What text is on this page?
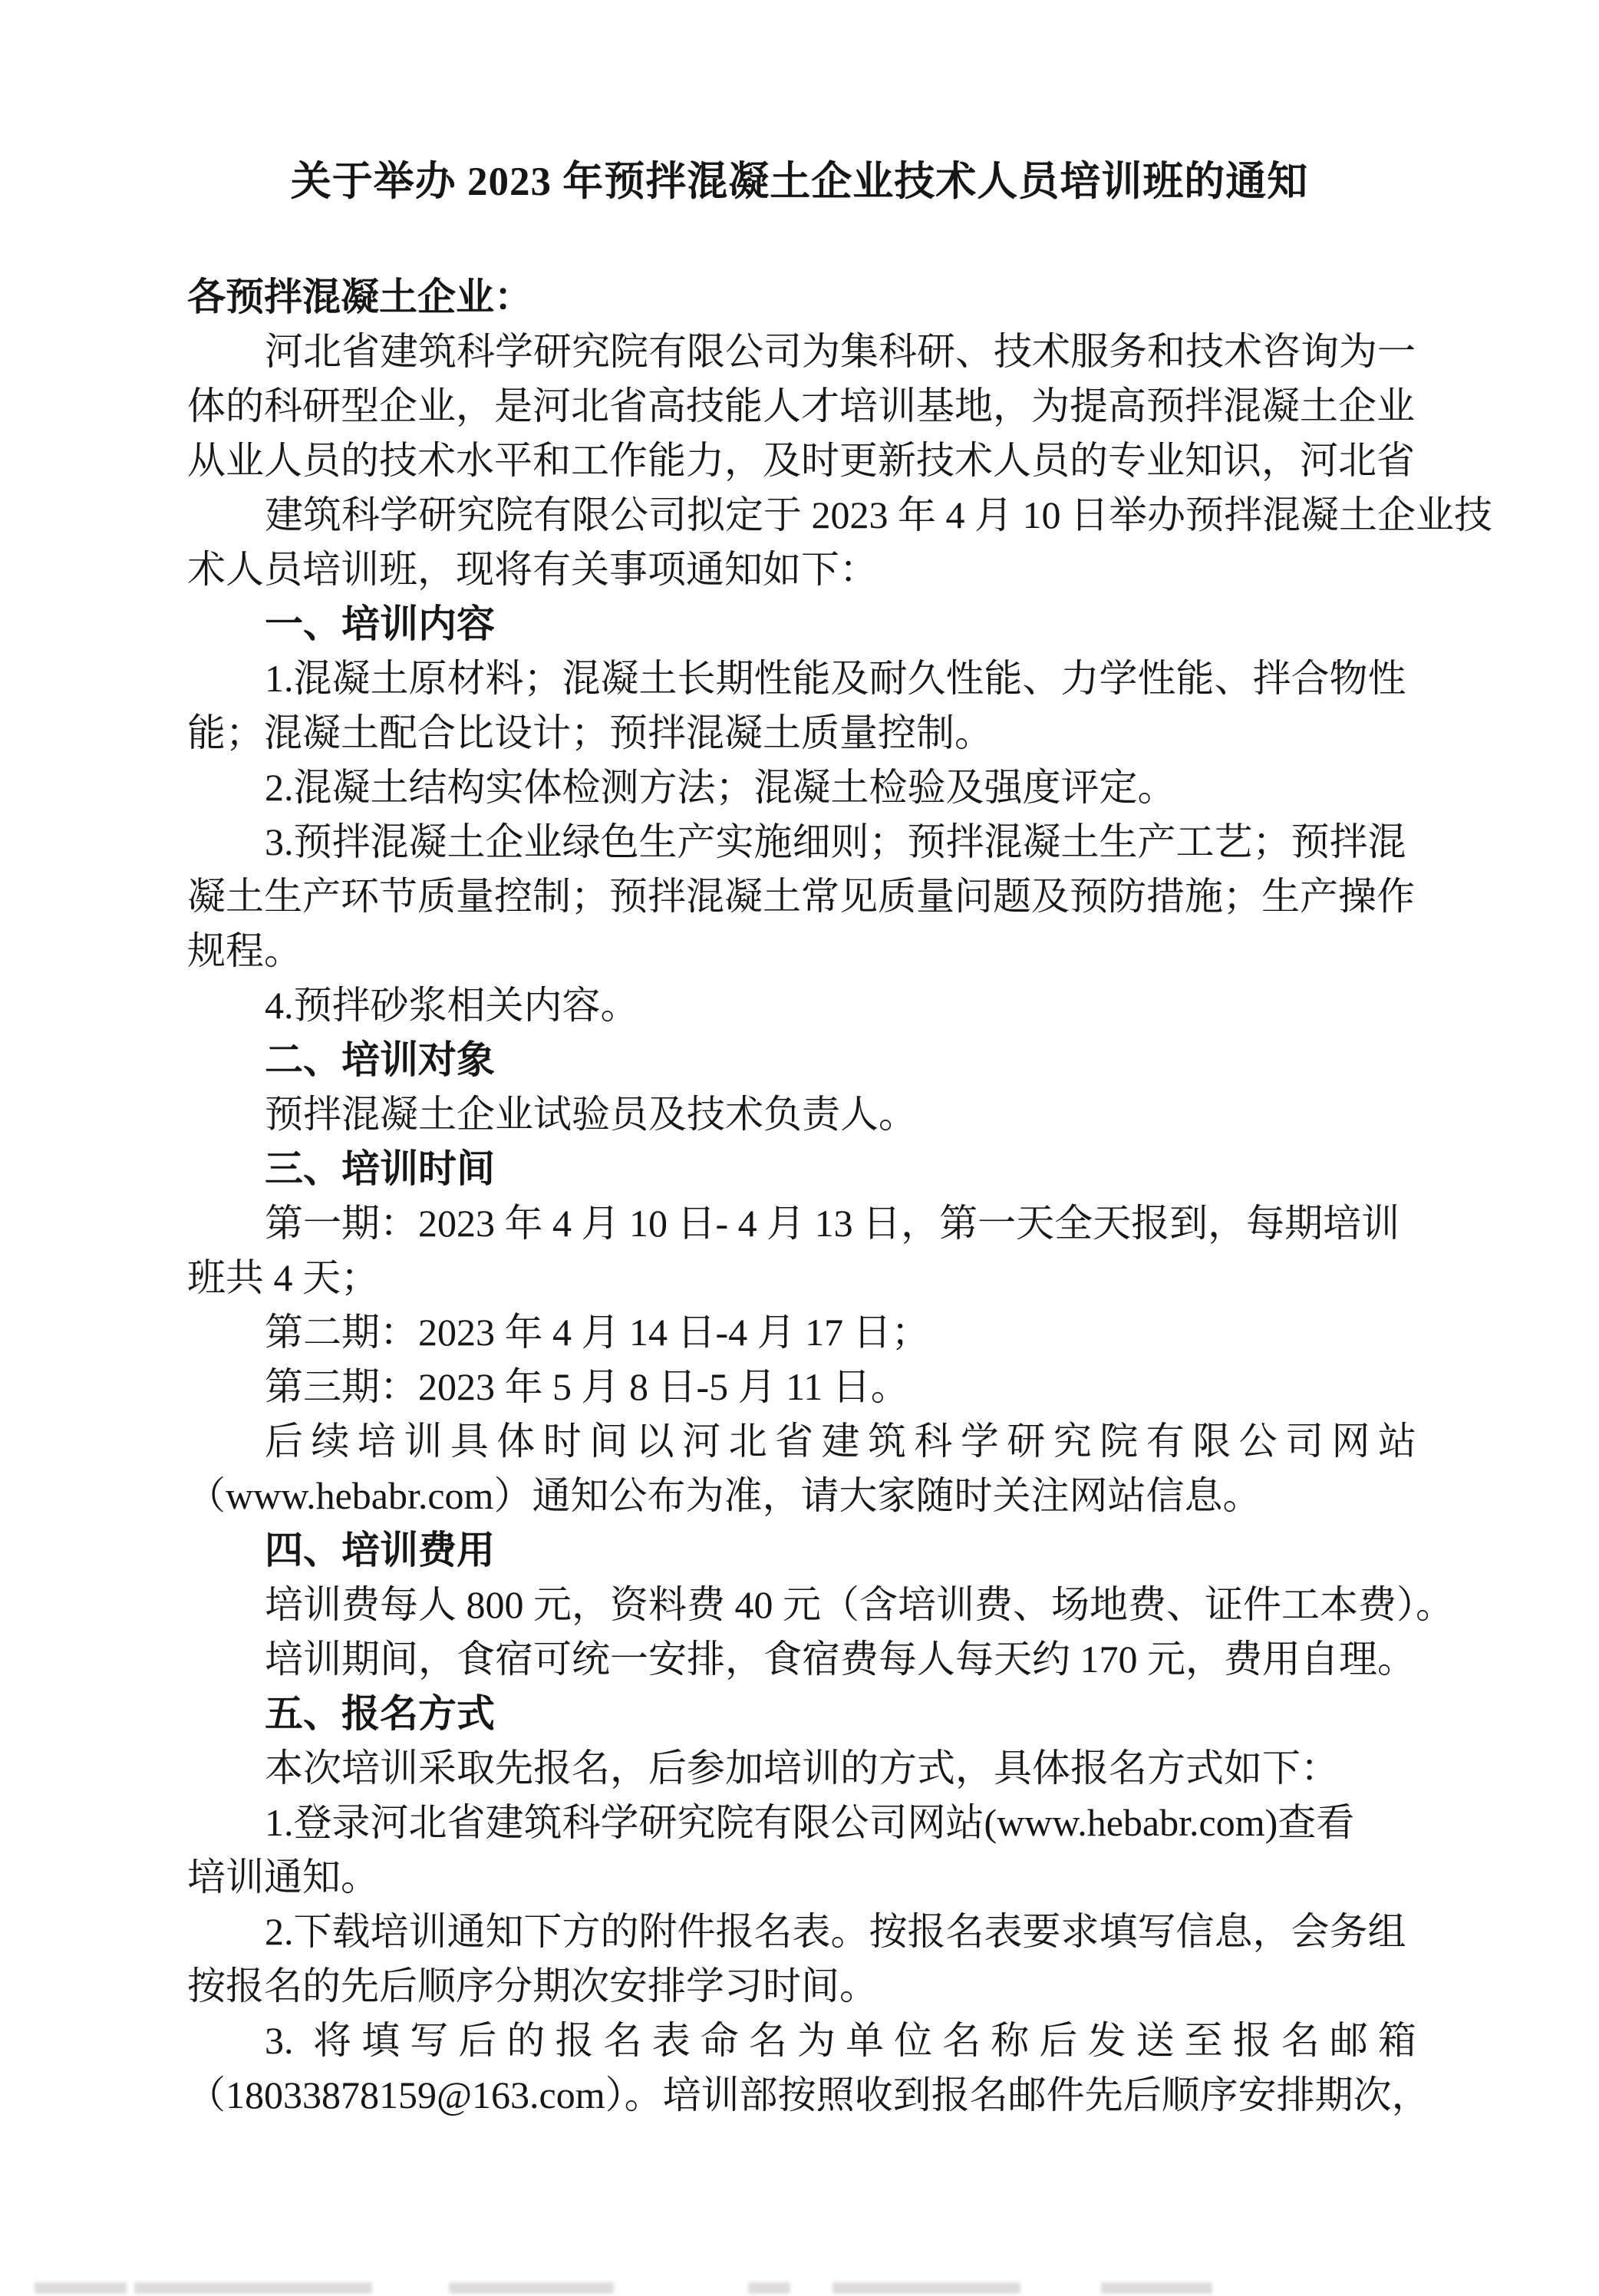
关于举办 2023 年预拌混凝土企业技术人员培训班的通知
各预拌混凝土企业：
河北省建筑科学研究院有限公司为集科研、技术服务和技术咨询为一
体的科研型企业，是河北省高技能人才培训基地，为提高预拌混凝土企业
从业人员的技术水平和工作能力，及时更新技术人员的专业知识，河北省
建筑科学研究院有限公司拟定于 2023 年 4 月 10 日举办预拌混凝土企业技
术人员培训班，现将有关事项通知如下：
一、培训内容
1.混凝土原材料；混凝土长期性能及耐久性能、力学性能、拌合物性
能；混凝土配合比设计；预拌混凝土质量控制。
2.混凝土结构实体检测方法；混凝土检验及强度评定。
3.预拌混凝土企业绿色生产实施细则；预拌混凝土生产工艺；预拌混
凝土生产环节质量控制；预拌混凝土常见质量问题及预防措施；生产操作
规程。
4.预拌砂浆相关内容。
二、培训对象
预拌混凝土企业试验员及技术负责人。
三、培训时间
第一期：2023 年 4 月 10 日- 4 月 13 日，第一天全天报到，每期培训
班共 4 天；
第二期：2023 年 4 月 14 日-4 月 17 日；
第三期：2023 年 5 月 8 日-5 月 11 日。
后续培训具体时间以河北省建筑科学研究院有限公司网站
（www.hebabr.com）通知公布为准，请大家随时关注网站信息。
四、培训费用
培训费每人 800 元，资料费 40 元（含培训费、场地费、证件工本费）。
培训期间，食宿可统一安排，食宿费每人每天约 170 元，费用自理。
五、报名方式
本次培训采取先报名，后参加培训的方式，具体报名方式如下：
1.登录河北省建筑科学研究院有限公司网站(www.hebabr.com)查看
培训通知。
2.下载培训通知下方的附件报名表。按报名表要求填写信息，会务组
按报名的先后顺序分期次安排学习时间。
3. 将填写后的报名表命名为单位名称后发送至报名邮箱
（18033878159@163.com）。培训部按照收到报名邮件先后顺序安排期次，
